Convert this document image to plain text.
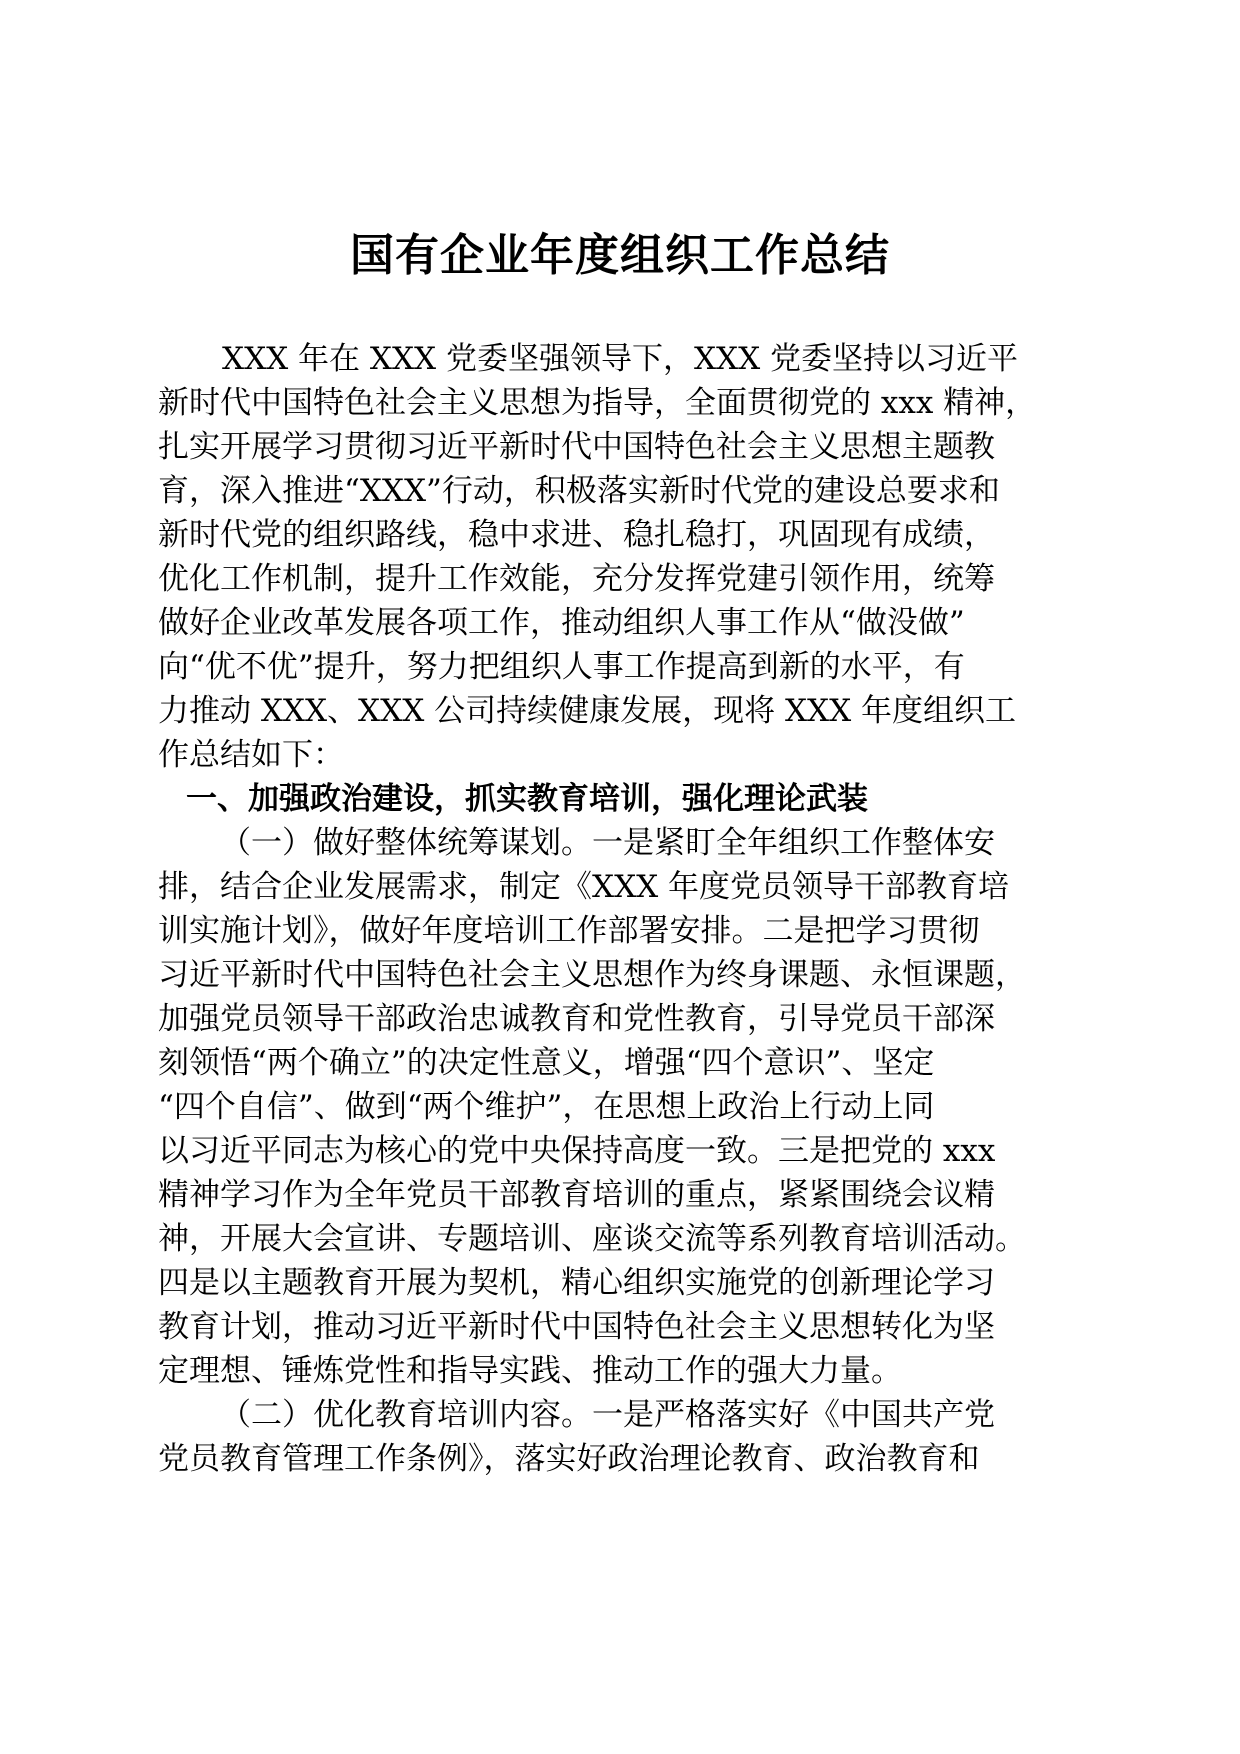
国有企业年度组织工作总结
XXX 年在 XXX 党委坚强领导下，XXX 党委坚持以习近平
新时代中国特色社会主义思想为指导，全面贯彻党的 xxx 精神，
扎实开展学习贯彻习近平新时代中国特色社会主义思想主题教
育，深入推进“XXX”行动，积极落实新时代党的建设总要求和
新时代党的组织路线，稳中求进、稳扎稳打，巩固现有成绩，
优化工作机制，提升工作效能，充分发挥党建引领作用，统筹
做好企业改革发展各项工作，推动组织人事工作从“做没做”
向“优不优”提升，努力把组织人事工作提高到新的水平，有
力推动 XXX、XXX 公司持续健康发展，现将 XXX 年度组织工
作总结如下：
一、加强政治建设，抓实教育培训，强化理论武装
（一）做好整体统筹谋划。一是紧盯全年组织工作整体安
排，结合企业发展需求，制定《XXX 年度党员领导干部教育培
训实施计划》，做好年度培训工作部署安排。二是把学习贯彻
习近平新时代中国特色社会主义思想作为终身课题、永恒课题，
加强党员领导干部政治忠诚教育和党性教育，引导党员干部深
刻领悟“两个确立”的决定性意义，增强“四个意识”、坚定
“四个自信”、做到“两个维护”，在思想上政治上行动上同
以习近平同志为核心的党中央保持高度一致。三是把党的 xxx
精神学习作为全年党员干部教育培训的重点，紧紧围绕会议精
神，开展大会宣讲、专题培训、座谈交流等系列教育培训活动。
四是以主题教育开展为契机，精心组织实施党的创新理论学习
教育计划，推动习近平新时代中国特色社会主义思想转化为坚
定理想、锤炼党性和指导实践、推动工作的强大力量。
（二）优化教育培训内容。一是严格落实好《中国共产党
党员教育管理工作条例》，落实好政治理论教育、政治教育和
